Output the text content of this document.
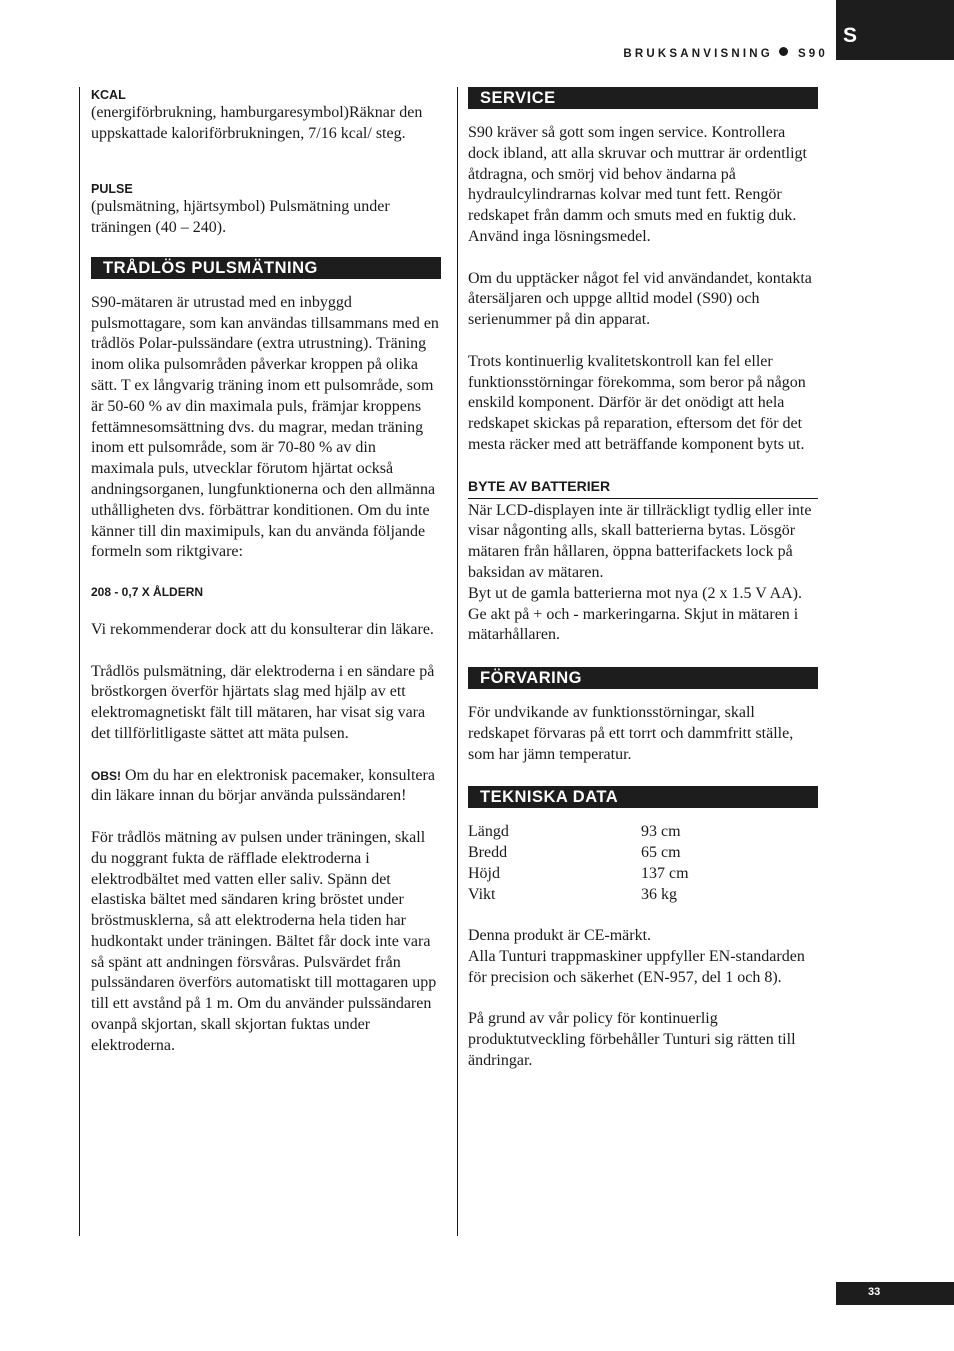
S
BRUKSANVISNING S90
KCAL

(energiförbrukning, hamburgaresymbol)Räknar den uppskattade kaloriförbrukningen, 7/16 kcal/ steg.

PULSE

(pulsmätning, hjärtsymbol) Pulsmätning under träningen (40 – 240).

TRÅDLÖS PULSMÄTNING

S90-mätaren är utrustad med en inbyggd pulsmottagare, som kan användas tillsammans med en trådlös Polar-pulssändare (extra utrustning). Träning inom olika pulsområden påverkar kroppen på olika sätt. T ex långvarig träning inom ett pulsområde, som är 50-60 % av din maximala puls, främjar kroppens fettämnesomsättning dvs. du magrar, medan träning inom ett pulsområde, som är 70-80 % av din maximala puls, utvecklar förutom hjärtat också andningsorganen, lungfunktionerna och den allmänna uthålligheten dvs. förbättrar konditionen. Om du inte känner till din maximipuls, kan du använda följande formeln som riktgivare:

208 - 0,7 X ÅLDERN

Vi rekommenderar dock att du konsulterar din läkare.

Trådlös pulsmätning, där elektroderna i en sändare på bröstkorgen överför hjärtats slag med hjälp av ett elektromagnetiskt fält till mätaren, har visat sig vara det tillförlitligaste sättet att mäta pulsen.

OBS! Om du har en elektronisk pacemaker, konsultera din läkare innan du börjar använda pulssändaren!

För trådlös mätning av pulsen under träningen, skall du noggrant fukta de räfflade elektroderna i elektrodbältet med vatten eller saliv. Spänn det elastiska bältet med sändaren kring bröstet under bröstmusklerna, så att elektroderna hela tiden har hudkontakt under träningen. Bältet får dock inte vara så spänt att andningen försvåras. Pulsvärdet från pulssändaren överförs automatiskt till mottagaren upp till ett avstånd på 1 m. Om du använder pulssändaren ovanpå skjortan, skall skjortan fuktas under elektroderna.

SERVICE

S90 kräver så gott som ingen service. Kontrollera dock ibland, att alla skruvar och muttrar är ordentligt åtdragna, och smörj vid behov ändarna på hydraulcylindrarnas kolvar med tunt fett. Rengör redskapet från damm och smuts med en fuktig duk. Använd inga lösningsmedel.

Om du upptäcker något fel vid användandet, kontakta återsäljaren och uppge alltid model (S90) och serienummer på din apparat.

Trots kontinuerlig kvalitetskontroll kan fel eller funktionsstörningar förekomma, som beror på någon enskild komponent. Därför är det onödigt att hela redskapet skickas på reparation, eftersom det för det mesta räcker med att beträffande komponent byts ut.

BYTE AV BATTERIER

När LCD-displayen inte är tillräckligt tydlig eller inte visar någonting alls, skall batterierna bytas. Lösgör mätaren från hållaren, öppna batterifackets lock på baksidan av mätaren.

Byt ut de gamla batterierna mot nya (2 x 1.5 V AA). Ge akt på + och - markeringarna. Skjut in mätaren i mätarhållaren.

FÖRVARING

För undvikande av funktionsstörningar, skall redskapet förvaras på ett torrt och dammfritt ställe, som har jämn temperatur.

TEKNISKA DATA
Längd	93 cm
Bredd	65 cm
Höjd	137 cm
Vikt	36 kg

Denna produkt är CE-märkt.

Alla Tunturi trappmaskiner uppfyller EN-standarden för precision och säkerhet (EN-957, del 1 och 8).

På grund av vår policy för kontinuerlig produktutveckling förbehåller Tunturi sig rätten till ändringar.

33
